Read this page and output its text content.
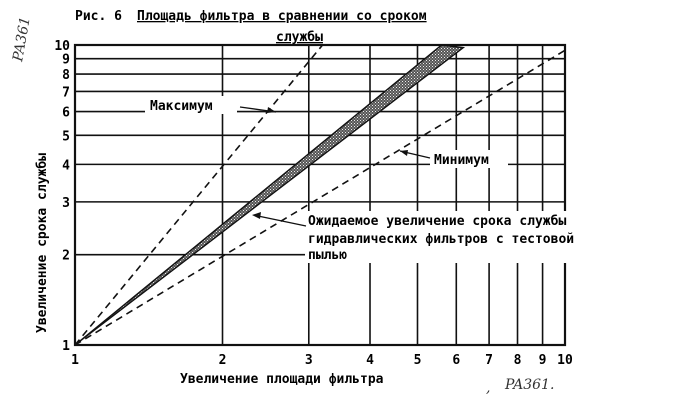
Рис. 6 Площадь фильтра в сравнении со сроком
службы
1	2	3	4	5 6 7 8 9 10
1
2
3
4
5
6
7
8
9
10
Увеличение площади фильтра
Увеличение срока службы
Максимум
Минимум
Ожидаемое увеличение срока службы
гидравлических фильтров с тестовой
пылью
PA361
PA361.
,
